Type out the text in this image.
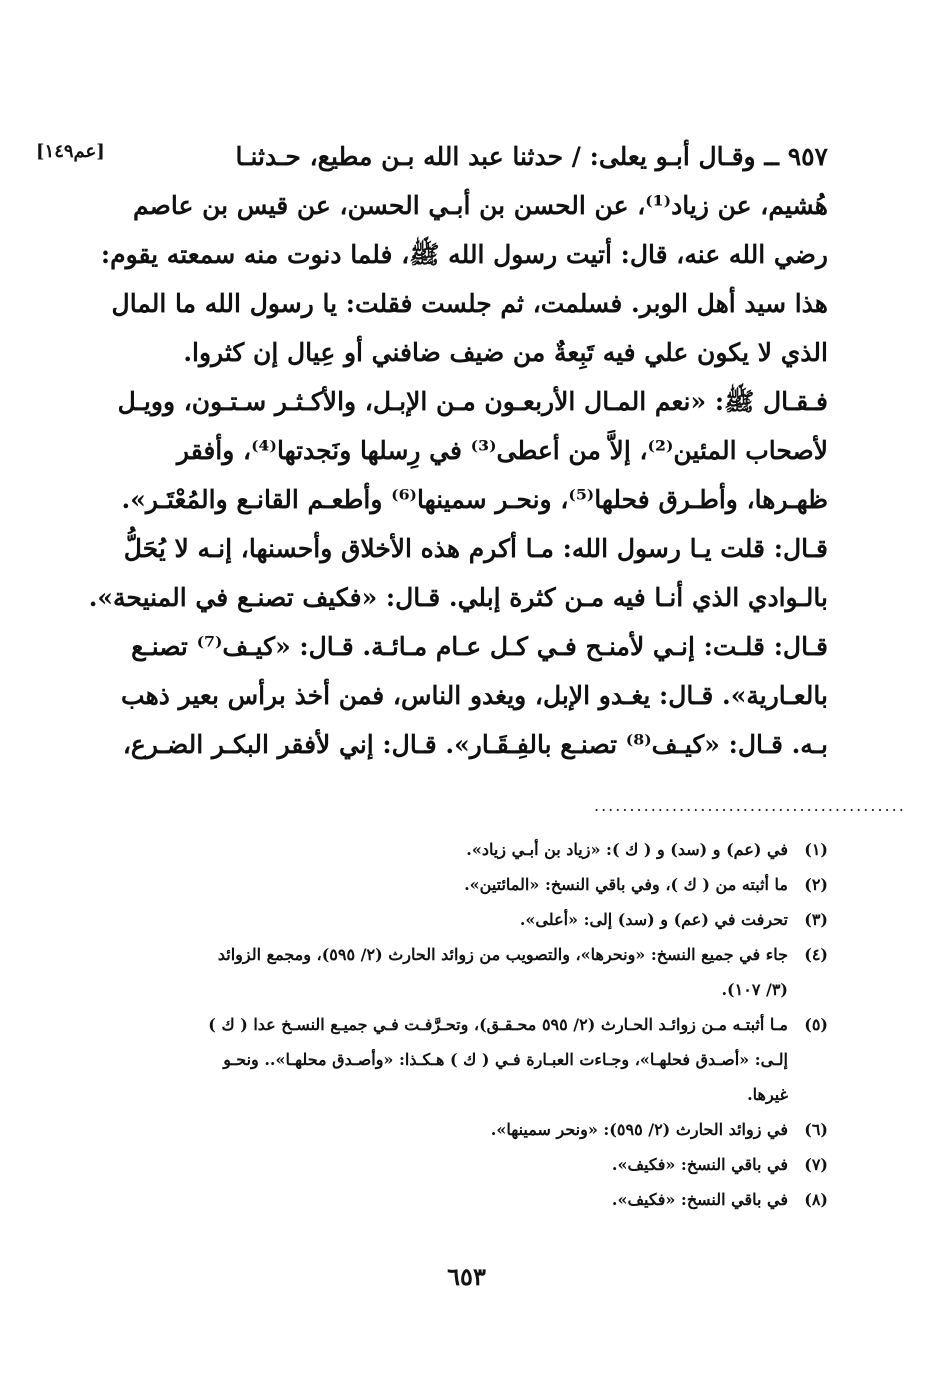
[عم١٤٩]	٩٥٧ ــ وقـال أبـو يعلى: / حدثنا عبد الله بـن مطيع، حـدثنـا
هُشيم، عن زياد⁽¹⁾، عن الحسن بن أبـي الحسن، عن قيس بن عاصم
رضي الله عنه، قال: أتيت رسول الله ﷺ، فلما دنوت منه سمعته يقوم:
هذا سيد أهل الوبر. فسلمت، ثم جلست فقلت: يا رسول الله ما المال
الذي لا يكون علي فيه تَبِعةٌ من ضيف ضافني أو عِيال إن كثروا.
فـقـال ﷺ: «نعم المـال الأربعـون مـن الإبـل، والأكـثـر سـتـون، وويـل
لأصحاب المئين⁽²⁾، إلاَّ من أعطى⁽³⁾ في رِسلها ونَجدتها⁽⁴⁾، وأفقر
ظهـرها، وأطـرق فحلها⁽⁵⁾، ونحـر سمينها⁽⁶⁾ وأطعـم القانـع والمُعْتَـر».
قـال: قلت يـا رسول الله: مـا أكرم هذه الأخلاق وأحسنها، إنـه لا يُحَلُّ
بالـوادي الذي أنـا فيه مـن كثرة إبلي. قـال: «فكيف تصنـع في المنيحة».
قـال: قلـت: إنـي لأمنـح فـي كـل عـام مـائـة. قـال: «كيـف⁽⁷⁾ تصنـع
بالعـارية». قـال: يغـدو الإبل، ويغدو الناس، فمن أخذ برأس بعير ذهب
بـه. قـال: «كيـف⁽⁸⁾ تصنـع بالفِـقَـار». قـال: إني لأفقر البكـر الضـرع،
............................................
(١)
في (عم) و (سد) و ( ك ): «زياد بن أبـي زياد».
(٢)
ما أثبته من ( ك )، وفي باقي النسخ: «المائتين».
(٣)
تحرفت في (عم) و (سد) إلى: «أعلى».
(٤)
جاء في جميع النسخ: «ونحرها»، والتصويب من زوائد الحارث (٢/ ٥٩٥)، ومجمع الزوائد
(٣/ ١٠٧).
(٥)
مـا أثبتـه مـن زوائـد الحـارث (٢/ ٥٩٥ محـقـق)، وتحـرَّفـت فـي جميـع النسـخ عدا ( ك )
إلـى: «أصـدق فحلهـا»، وجـاءت العبـارة فـي ( ك ) هـكـذا: «وأصـدق محلهـا».. ونحـو
غيرها.
(٦)
في زوائد الحارث (٢/ ٥٩٥): «ونحر سمينها».
(٧)
في باقي النسخ: «فكيف».
(٨)
في باقي النسخ: «فكيف».
٦٥٣
